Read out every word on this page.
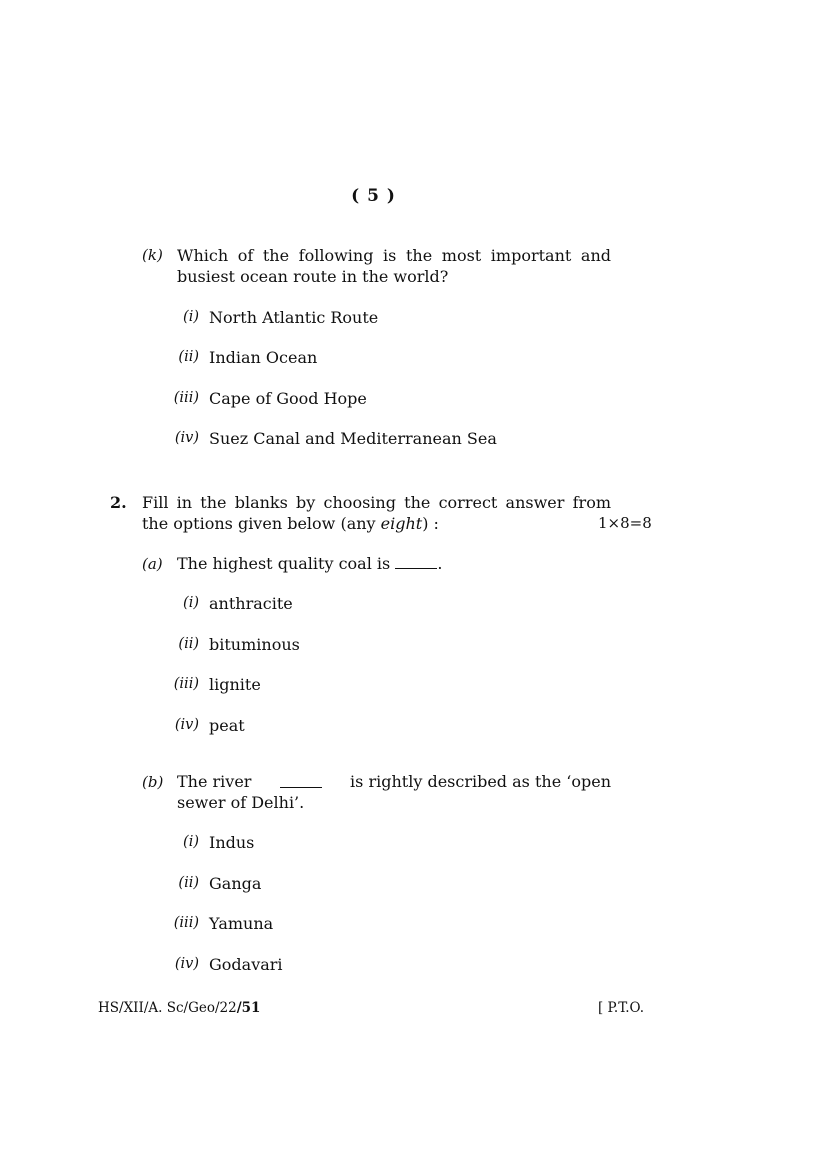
( 5 )
(k) Which of the following is the most important and
busiest ocean route in the world?
(i) North Atlantic Route
(ii) Indian Ocean
(iii) Cape of Good Hope
(iv) Suez Canal and Mediterranean Sea
2. Fill in the blanks by choosing the correct answer from
the options given below (any eight) :	1×8=8
(a) The highest quality coal is	.
(i) anthracite
(ii) bituminous
(iii) lignite
(iv) peat
(b) The river	is rightly described as the ‘open
sewer of Delhi’.
(i) Indus
(ii) Ganga
(iii) Yamuna
(iv) Godavari
HS/XII/A. Sc/Geo/22/51	[ P.T.O.
